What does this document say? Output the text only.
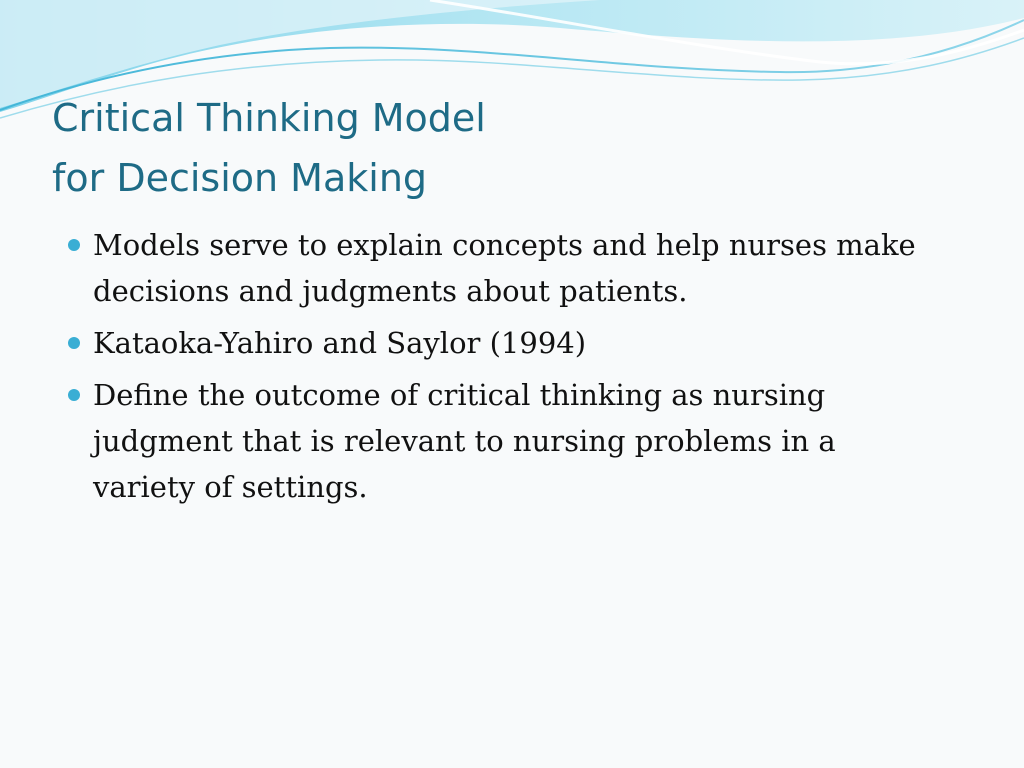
Critical Thinking Model
for Decision Making
Models serve to explain concepts and help nurses make decisions and judgments about patients.
Kataoka-Yahiro and Saylor (1994)
Define the outcome of critical thinking as nursing judgment that is relevant to nursing problems in a variety of settings.
